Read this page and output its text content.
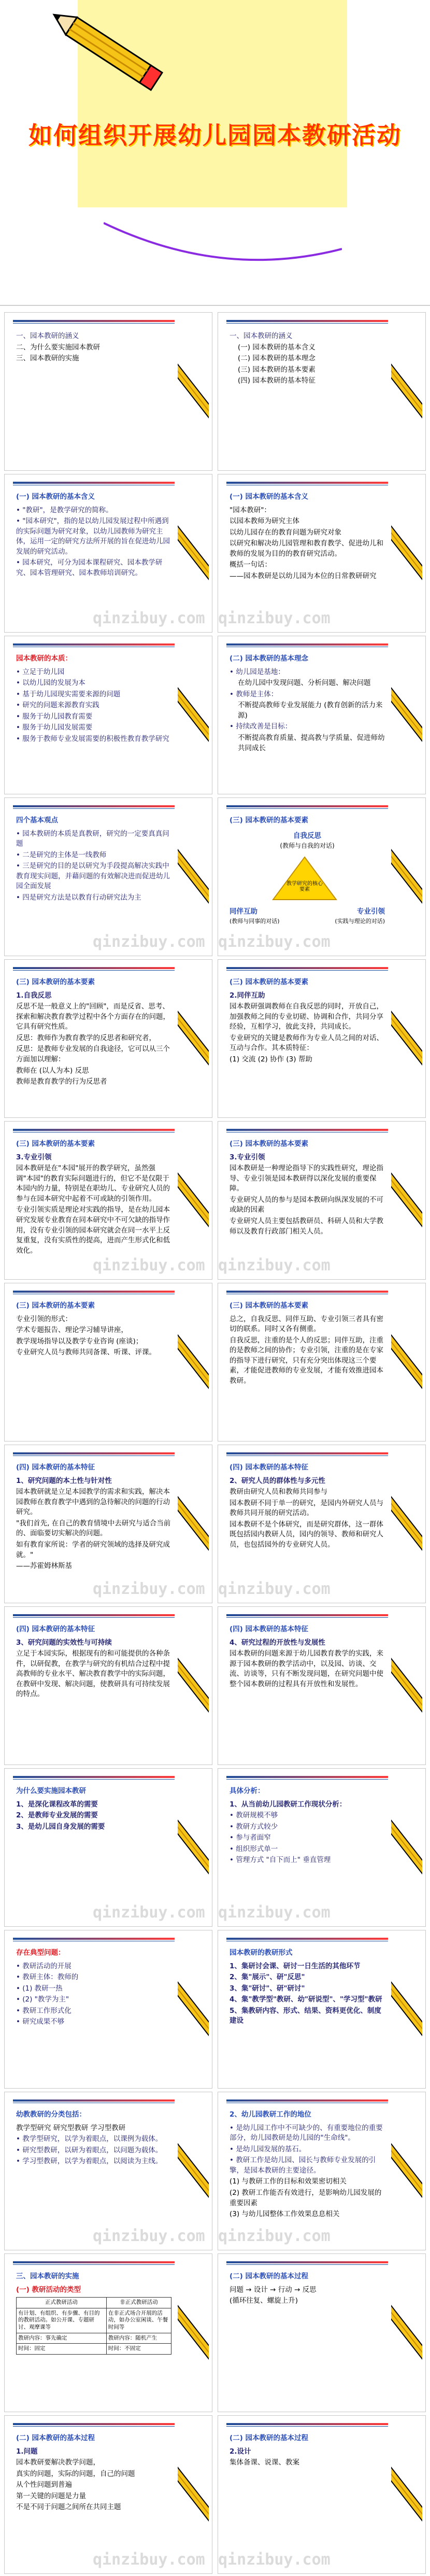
如何组织开展幼儿园园本教研活动
一、园本教研的涵义
二、为什么要实施园本教研
三、园本教研的实施
一、园本教研的涵义
(一) 园本教研的基本含义
(二) 园本教研的基本理念
(三) 园本教研的基本要素
(四) 园本教研的基本特征
(一) 园本教研的基本含义
• "教研"，是教学研究的简称。
• "园本研究"，指的是以幼儿园发展过程中所遇到的实际问题为研究对象，以幼儿园教师为研究主体，运用一定的研究方法所开展的旨在促进幼儿园发展的研究活动。
• 园本研究，可分为园本课程研究、园本教学研究、园本管理研究、园本教师培训研究。
qinzibuy.com
(一) 园本教研的基本含义
"园本教研"：
以园本教师为研究主体
以幼儿园存在的教育问题为研究对象
以研究和解决幼儿园管理和教育教学、促进幼儿和教师的发展为目的的教育研究活动。
概括一句话：
——园本教研是以幼儿园为本位的日常教研研究
qinzibuy.com
园本教研的本质：
• 立足于幼儿园
• 以幼儿园的发展为本
• 基于幼儿园现实需要来源的问题
• 研究的问题来源教育实践
• 服务于幼儿园教育需要
• 服务于幼儿园发展需要
• 服务于教师专业发展需要的积极性教育教学研究
(二) 园本教研的基本理念
• 幼儿园是基地：
在幼儿园中发现问题、分析问题、解决问题
• 教师是主体：
不断提高教师专业发展能力 (教育创新的活力来源)
• 持续改善是目标：
不断提高教育质量、提高教与学质量、促进师幼共同成长
四个基本观点
• 园本教研的本质是真教研，研究的一定要真真问题
• 二是研究的主体是一线教师
• 三是研究的目的是以研究为手段提高解决实践中教育现实问题，并藉问题的有效解决进而促进幼儿园全面发展
• 四是研究方法是以教育行动研究法为主
qinzibuy.com
(三) 园本教研的基本要素
自我反思
(教师与自我的对话)
教学研究的核心要素
同伴互助
(教师与同事的对话)
专业引领
(实践与理论的对话)
qinzibuy.com
(三) 园本教研的基本要素
1.自我反思
反思不是一般意义上的"回顾"，而是反省、思考、探索和解决教育教学过程中各个方面存在的问题，它具有研究性质。
反思：教师作为教育教学的反思者和研究者，
反思：是教师专业发展的自我途径，它可以从三个方面加以理解：
教师在 (以人为本) 反思
教师是教育教学的行为反思者
(三) 园本教研的基本要素
2.同伴互助
园本教研强调教师在自我反思的同时，开放自己，加强教师之间的专业切磋、协调和合作，共同分享经验，互相学习，彼此支持，共同成长。
专业研究的关键是教师作为专业人员之间的对话、互动与合作。其本质特征：
(1) 交流 (2) 协作 (3) 帮助
(三) 园本教研的基本要素
3.专业引领
园本教研是在"本园"展开的教学研究，虽然强调"本园"的教育实际问题进行的，但它不是仅限于本园内的力量，特别是在职幼儿、专业研究人员的参与在园本研究中起着不可或缺的引领作用。
专业引领实质是理论对实践的指导，是在幼儿园本研究发展专业教育在同本研究中不可欠缺的指导作用，没有专业引领的园本研究就会在同一水平上反复重复，没有实质性的提高，进而产生形式化和低效化。
qinzibuy.com
(三) 园本教研的基本要素
3.专业引领
园本教研是一种理论指导下的实践性研究，理论指导、专业引领是园本教研得以深化发展的重要保障。
专业研究人员的参与是园本教研向纵深发展的不可或缺的因素
专业研究人员主要包括教研员、科研人员和大学教师以及教育行政部门相关人员。
qinzibuy.com
(三) 园本教研的基本要素
专业引领的形式：
学术专题报告、理论学习辅导讲座，
教学现场指导以及教学专业咨询 (座谈)；
专业研究人员与教师共同备课、听课、评课。
(三) 园本教研的基本要素
总之，自我反思、同伴互助、专业引领三者具有密切的联系。同时又各有侧重。
自我反思，注重的是个人的反思；同伴互助，注重的是教师之间的协作；专业引领，注重的是在专家的指导下进行研究，只有充分突出体现这三个要素，才能促进教师的专业发展，才能有效推进园本教研。
(四) 园本教研的基本特征
1、研究问题的本土性与针对性
园本教研就是立足本园教学的需求和实践，解决本园教师在教育教学中遇到的急待解决的问题的行动研究。
"我们首先, 在自己的教育情境中去研究与适合当前的、面临要切实解决的问题。
如有教育家所说：学者的研究领域的选择及研究成就。"
——苏霍姆林斯基
qinzibuy.com
(四) 园本教研的基本特征
2、研究人员的群体性与多元性
教研由研究人员和教师共同参与
园本教研不同于单一的研究，是园内外研究人员与教师共同开展的研究活动。
园本教研不是个体研究，而是研究群体，这一群体既包括园内教研人员，园内的领导、教师和研究人员，也包括园外的专业研究人员。
qinzibuy.com
(四) 园本教研的基本特征
3、研究问题的实效性与可持续
立足于本园实际，根据现有的和可能提供的各种条件，以研促教，在教学与研究的有机结合过程中提高教师的专业水平、解决教育教学中的实际问题，在教研中发现、解决问题，使教研具有可持续发展的特点。
(四) 园本教研的基本特征
4、研究过程的开放性与发展性
园本教研的问题来源于幼儿园教育教学的实践，来源于园本教研的教学活动中，以及园、访谈、交流、访谈等，只有不断发现问题，在研究问题中使整个园本教研的过程具有开放性和发展性。
为什么要实施园本教研
1、是深化课程改革的需要
2、是教师专业发展的需要
3、是幼儿园自身发展的需要
qinzibuy.com
具体分析：
1、从当前幼儿园教研工作现状分析：
• 教研规模不够
• 教研方式较少
• 参与者面窄
• 组织形式单一
• 管理方式 "自下而上" 垂直管理
qinzibuy.com
存在典型问题：
• 教研活动的开展
• 教研主体：教师的
• (1) 教研一热
• (2) "教学为主"
• 教研工作形式化
• 研究成果不够
园本教研的教研形式
1、集研讨会课、研讨一日生活的其他环节
2、集"展示"、研"反思"
3、集"研讨"、研"研讨"
4、集"教学型"教研、幼"研说型"、"学习型"教研
5、集教研内容、形式、结果、资料更优化、制度建设
幼教教研的分类包括：
教学型研究 研究型教研 学习型教研
• 教学型研究，以学为着眼点，以课例为载体。
• 研究型教研，以研为着眼点，以问题为载体。
• 学习型教研，以学为着眼点，以阅读为主线。
qinzibuy.com
2、幼儿园教研工作的地位
• 是幼儿园工作中不可缺少的、有重要地位的重要部分，幼儿园教研是幼儿园的"生命线"。
• 是幼儿园发展的基石。
• 教研工作是幼儿园、园长与教师专业发展的引擎，是园本教研的主要途径。
(1) 与教研工作的目标和效果密切相关
(2) 教研工作能否有效进行，是影响幼儿园发展的重要因素
(3) 与幼儿园整体工作效果息息相关
qinzibuy.com
三、园本教研的实施
(一) 教研活动的类型
正式教研活动	非正式教研活动
有计划、有组织、有步骤、有目的的教研活动。如公开课、专题研讨、观摩课等	在非正式场合开展的活动，如办公室闲谈、午餐时间等
教研内容：事先确定	教研内容：随机产生
时间：固定	时间：不固定
(二) 园本教研的基本过程
问题 → 设计 → 行动 → 反思
(循环往复、螺旋上升)
(二) 园本教研的基本过程
1.问题
园本教研要解决教学问题，
真实的问题，实际的问题，自己的问题
从个性问题到普遍
第一关键的问题是力量
不是不同于问题之间所在共同主题
qinzibuy.com
(二) 园本教研的基本过程
2.设计
集体备课、说课、教案
qinzibuy.com
